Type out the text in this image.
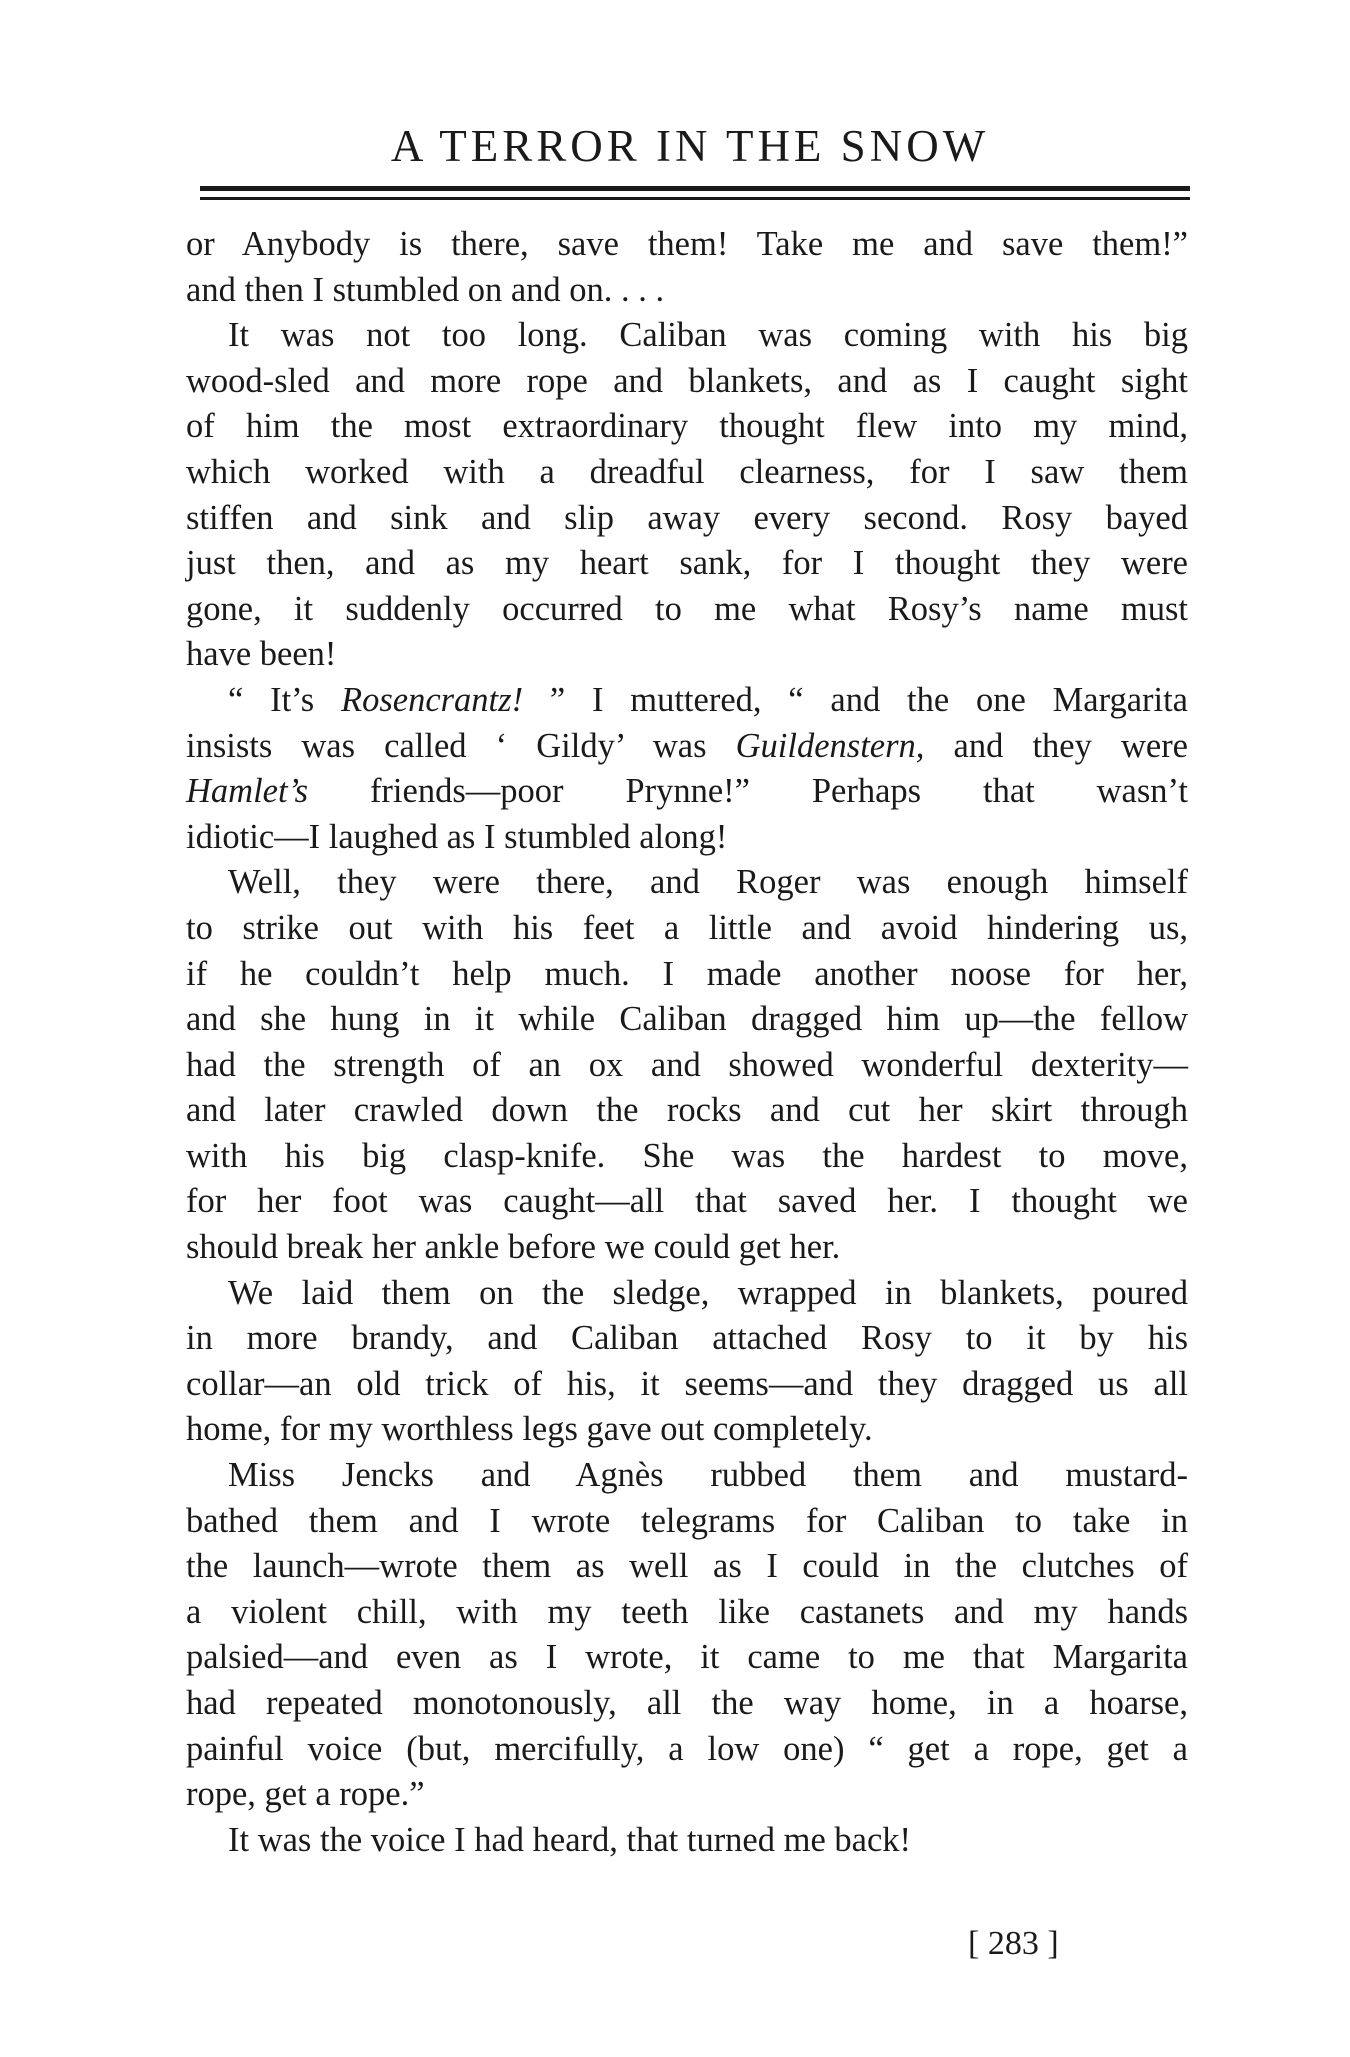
A TERROR IN THE SNOW
or Anybody is there, save them! Take me and save them!”
and then I stumbled on and on. . . .
It was not too long. Caliban was coming with his big
wood-sled and more rope and blankets, and as I caught sight
of him the most extraordinary thought flew into my mind,
which worked with a dreadful clearness, for I saw them
stiffen and sink and slip away every second. Rosy bayed
just then, and as my heart sank, for I thought they were
gone, it suddenly occurred to me what Rosy’s name must
have been!
“ It’s Rosencrantz! ” I muttered, “ and the one Margarita
insists was called ‘ Gildy’ was Guildenstern, and they were
Hamlet’s friends—poor Prynne!” Perhaps that wasn’t
idiotic—I laughed as I stumbled along!
Well, they were there, and Roger was enough himself
to strike out with his feet a little and avoid hindering us,
if he couldn’t help much. I made another noose for her,
and she hung in it while Caliban dragged him up—the fellow
had the strength of an ox and showed wonderful dexterity—
and later crawled down the rocks and cut her skirt through
with his big clasp-knife. She was the hardest to move,
for her foot was caught—all that saved her. I thought we
should break her ankle before we could get her.
We laid them on the sledge, wrapped in blankets, poured
in more brandy, and Caliban attached Rosy to it by his
collar—an old trick of his, it seems—and they dragged us all
home, for my worthless legs gave out completely.
Miss Jencks and Agnès rubbed them and mustard-
bathed them and I wrote telegrams for Caliban to take in
the launch—wrote them as well as I could in the clutches of
a violent chill, with my teeth like castanets and my hands
palsied—and even as I wrote, it came to me that Margarita
had repeated monotonously, all the way home, in a hoarse,
painful voice (but, mercifully, a low one) “ get a rope, get a
rope, get a rope.”
It was the voice I had heard, that turned me back!
[ 283 ]
